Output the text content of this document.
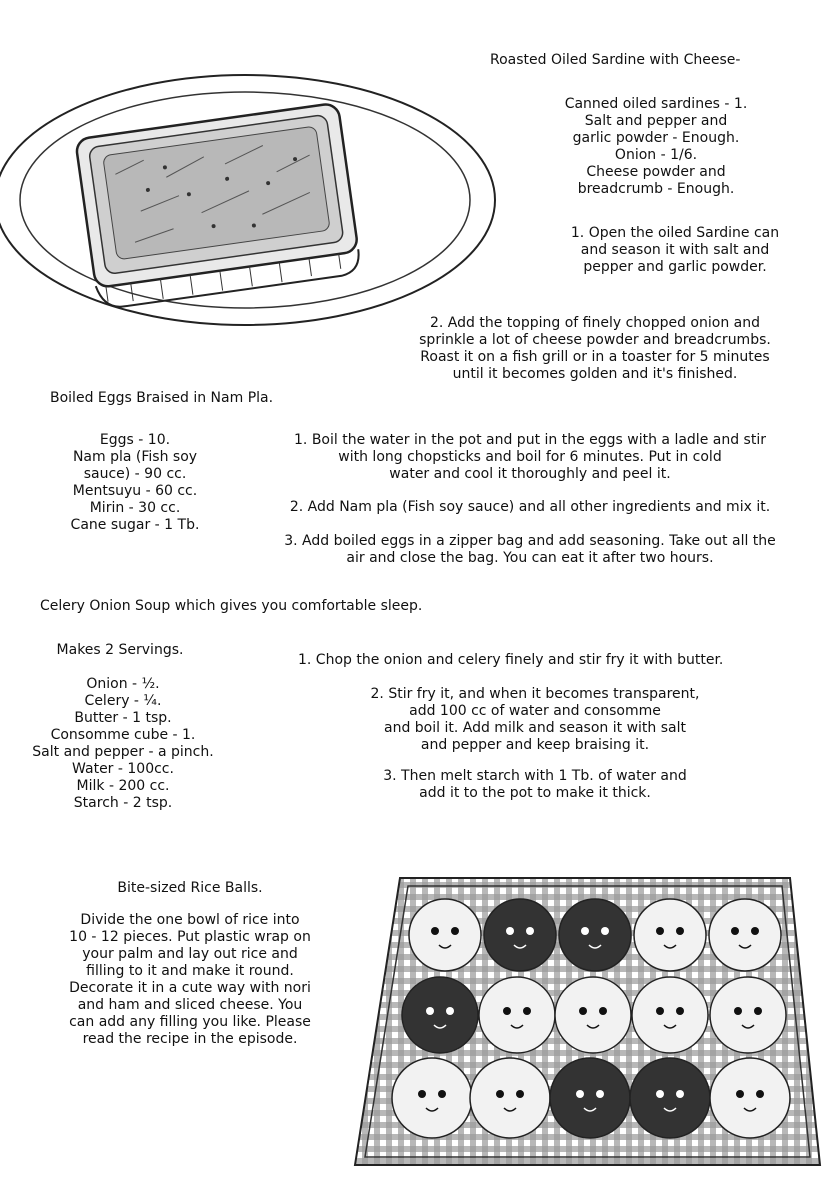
Roasted Oiled Sardine with Cheese-
Canned oiled sardines - 1.
Salt and pepper and
garlic powder - Enough.
Onion - 1/6.
Cheese powder and
breadcrumb - Enough.
1. Open the oiled Sardine can
and season it with salt and
pepper and garlic powder.
2. Add the topping of finely chopped onion and
sprinkle a lot of cheese powder and breadcrumbs.
Roast it on a fish grill or in a toaster for 5 minutes
until it becomes golden and it's finished.
Boiled Eggs Braised in Nam Pla.
Eggs - 10.
Nam pla (Fish soy
sauce) - 90 cc.
Mentsuyu - 60 cc.
Mirin - 30 cc.
Cane sugar - 1 Tb.
1. Boil the water in the pot and put in the eggs with a ladle and stir
with long chopsticks and boil for 6 minutes. Put in cold
water and cool it thoroughly and peel it.
2. Add Nam pla (Fish soy sauce) and all other ingredients and mix it.
3. Add boiled eggs in a zipper bag and add seasoning. Take out all the
air and close the bag. You can eat it after two hours.
Celery Onion Soup which gives you comfortable sleep.
Makes 2 Servings.
Onion - ½.
Celery - ¼.
Butter - 1 tsp.
Consomme cube - 1.
Salt and pepper - a pinch.
Water - 100cc.
Milk - 200 cc.
Starch - 2 tsp.
1. Chop the onion and celery finely and stir fry it with butter.
2. Stir fry it, and when it becomes transparent,
add 100 cc of water and consomme
and boil it. Add milk and season it with salt
and pepper and keep braising it.
3. Then melt starch with 1 Tb. of water and
add it to the pot to make it thick.
Bite-sized Rice Balls.
Divide the one bowl of rice into
10 - 12 pieces. Put plastic wrap on
your palm and lay out rice and
filling to it and make it round.
Decorate it in a cute way with nori
and ham and sliced cheese. You
can add any filling you like. Please
read the recipe in the episode.
